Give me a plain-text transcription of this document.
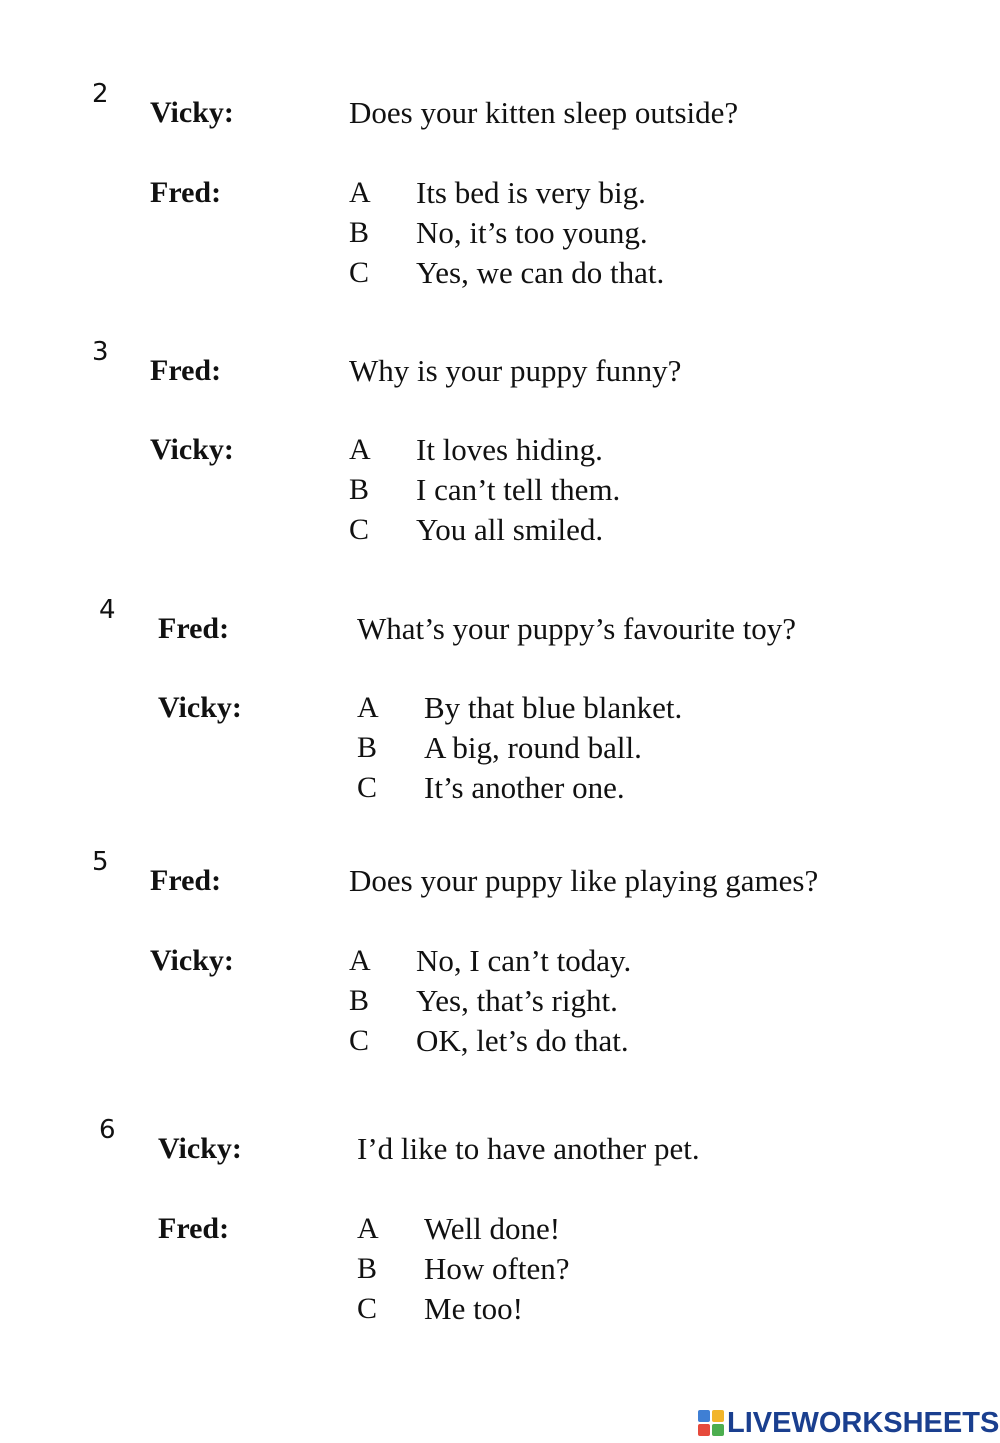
2
Vicky:	Does your kitten sleep outside?
Fred:	A Its bed is very big.
B No, it’s too young.
C Yes, we can do that.
3
Fred:	Why is your puppy funny?
Vicky:	A It loves hiding.
B I can’t tell them.
C You all smiled.
4
Fred:	What’s your puppy’s favourite toy?
Vicky:	A By that blue blanket.
B A big, round ball.
C It’s another one.
5
Fred:	Does your puppy like playing games?
Vicky:	A No, I can’t today.
B Yes, that’s right.
C OK, let’s do that.
6
Vicky:	I’d like to have another pet.
Fred:	A Well done!
B How often?
C Me too!
LIVEWORKSHEETS
